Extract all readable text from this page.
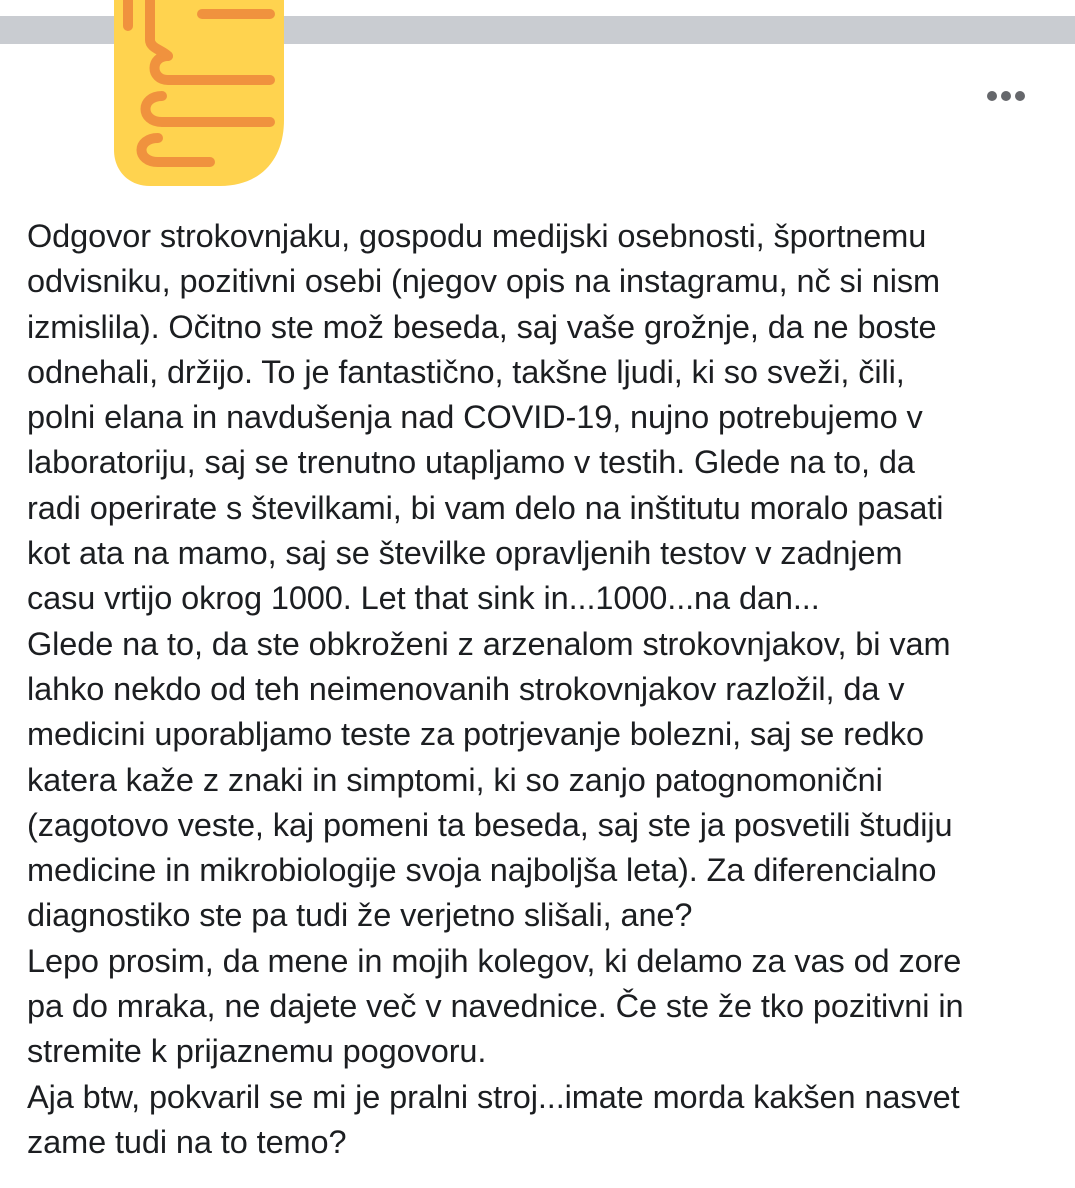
Odgovor strokovnjaku, gospodu medijski osebnosti, športnemu
odvisniku, pozitivni osebi (njegov opis na instagramu, nč si nism
izmislila). Očitno ste mož beseda, saj vaše grožnje, da ne boste
odnehali, držijo. To je fantastično, takšne ljudi, ki so sveži, čili,
polni elana in navdušenja nad COVID-19, nujno potrebujemo v
laboratoriju, saj se trenutno utapljamo v testih. Glede na to, da
radi operirate s številkami, bi vam delo na inštitutu moralo pasati
kot ata na mamo, saj se številke opravljenih testov v zadnjem
casu vrtijo okrog 1000. Let that sink in...1000...na dan...
Glede na to, da ste obkroženi z arzenalom strokovnjakov, bi vam
lahko nekdo od teh neimenovanih strokovnjakov razložil, da v
medicini uporabljamo teste za potrjevanje bolezni, saj se redko
katera kaže z znaki in simptomi, ki so zanjo patognomonični
(zagotovo veste, kaj pomeni ta beseda, saj ste ja posvetili študiju
medicine in mikrobiologije svoja najboljša leta). Za diferencialno
diagnostiko ste pa tudi že verjetno slišali, ane?
Lepo prosim, da mene in mojih kolegov, ki delamo za vas od zore
pa do mraka, ne dajete več v navednice. Če ste že tko pozitivni in
stremite k prijaznemu pogovoru.
Aja btw, pokvaril se mi je pralni stroj...imate morda kakšen nasvet
zame tudi na to temo?
